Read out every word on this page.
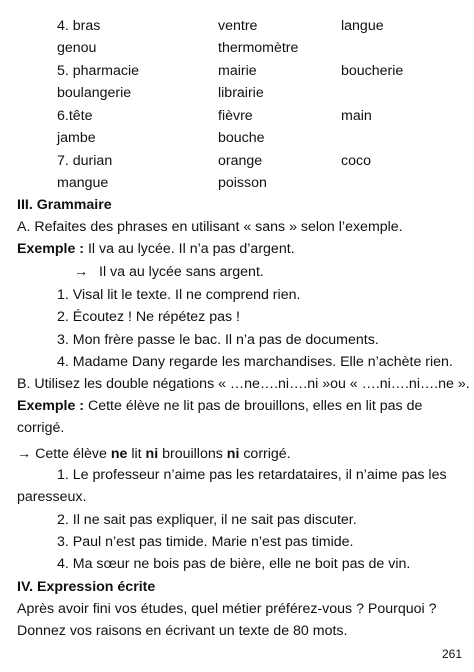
4. bras	ventre	langue
genou	thermomètre
5. pharmacie	mairie	boucherie
boulangerie	librairie
6.tête	fièvre	main
jambe	bouche
7. durian	orange	coco
mangue	poisson
III. Grammaire
A. Refaites des phrases en utilisant « sans » selon l’exemple.
Exemple : Il va au lycée. Il n’a pas d’argent.
→ Il va au lycée sans argent.
1. Visal lit le texte. Il ne comprend rien.
2. Écoutez ! Ne répétez pas !
3. Mon frère passe le bac. Il n’a pas de documents.
4. Madame Dany regarde les marchandises. Elle n’achète rien.
B. Utilisez les double négations « …ne….ni….ni »ou « ….ni….ni….ne ».
Exemple : Cette élève ne lit pas de brouillons, elles en lit pas de
corrigé.
→ Cette élève ne lit ni brouillons ni corrigé.
1. Le professeur n’aime pas les retardataires, il n’aime pas les
paresseux.
2. Il ne sait pas expliquer, il ne sait pas discuter.
3. Paul n’est pas timide. Marie n’est pas timide.
4. Ma sœur ne bois pas de bière, elle ne boit pas de vin.
IV. Expression écrite
Après avoir fini vos études, quel métier préférez-vous ? Pourquoi ?
Donnez vos raisons en écrivant un texte de 80 mots.
261
